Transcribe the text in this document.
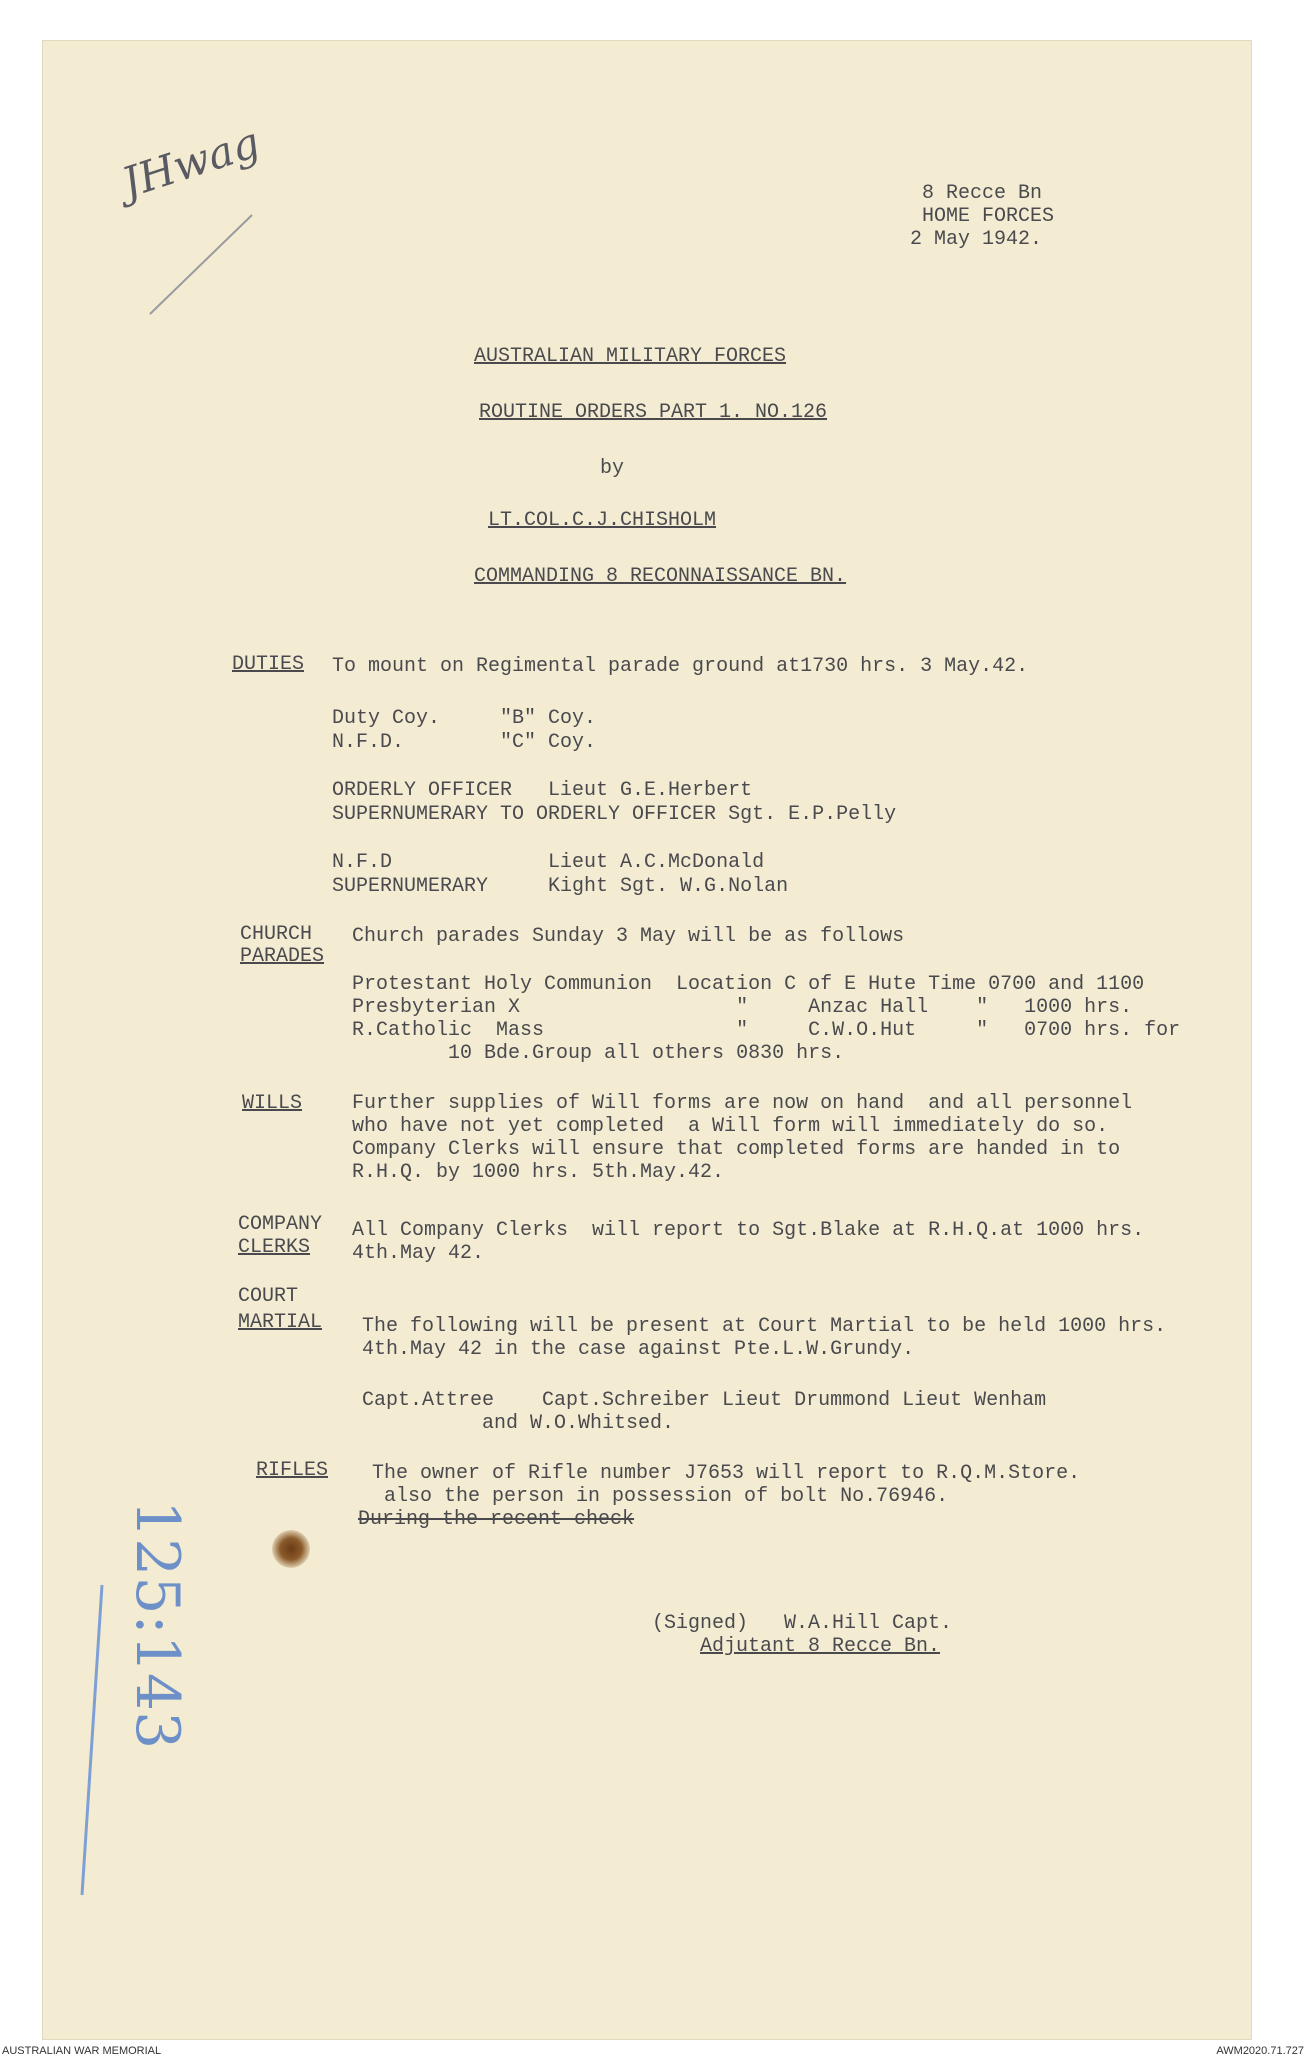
JHwag	8 Recce Bn
HOME FORCES
2 May 1942.
AUSTRALIAN MILITARY FORCES
ROUTINE ORDERS PART 1. NO.126
by
LT.COL.C.J.CHISHOLM
COMMANDING 8 RECONNAISSANCE BN.
DUTIES To mount on Regimental parade ground at1730 hrs. 3 May.42.
Duty Coy.     "B" Coy.
N.F.D.        "C" Coy.
ORDERLY OFFICER   Lieut G.E.Herbert
SUPERNUMERARY TO ORDERLY OFFICER Sgt. E.P.Pelly
N.F.D             Lieut A.C.McDonald
SUPERNUMERARY     Kight Sgt. W.G.Nolan
CHURCH
PARADES
Church parades Sunday 3 May will be as follows
Protestant Holy Communion  Location C of E Hute Time 0700 and 1100
Presbyterian X                  "     Anzac Hall    "   1000 hrs.
R.Catholic  Mass                "     C.W.O.Hut     "   0700 hrs. for
10 Bde.Group all others 0830 hrs.
WILLS Further supplies of Will forms are now on hand  and all personnel
who have not yet completed  a Will form will immediately do so.
Company Clerks will ensure that completed forms are handed in to
R.H.Q. by 1000 hrs. 5th.May.42.
COMPANY
CLERKS
All Company Clerks  will report to Sgt.Blake at R.H.Q.at 1000 hrs.
4th.May 42.
COURT
MARTIAL The following will be present at Court Martial to be held 1000 hrs.
4th.May 42 in the case against Pte.L.W.Grundy.
Capt.Attree    Capt.Schreiber Lieut Drummond Lieut Wenham
and W.O.Whitsed.
RIFLES The owner of Rifle number J7653 will report to R.Q.M.Store.
also the person in possession of bolt No.76946.
During the recent check
(Signed)   W.A.Hill Capt.
Adjutant 8 Recce Bn.
125:143
AUSTRALIAN WAR MEMORIAL	AWM2020.71.727
